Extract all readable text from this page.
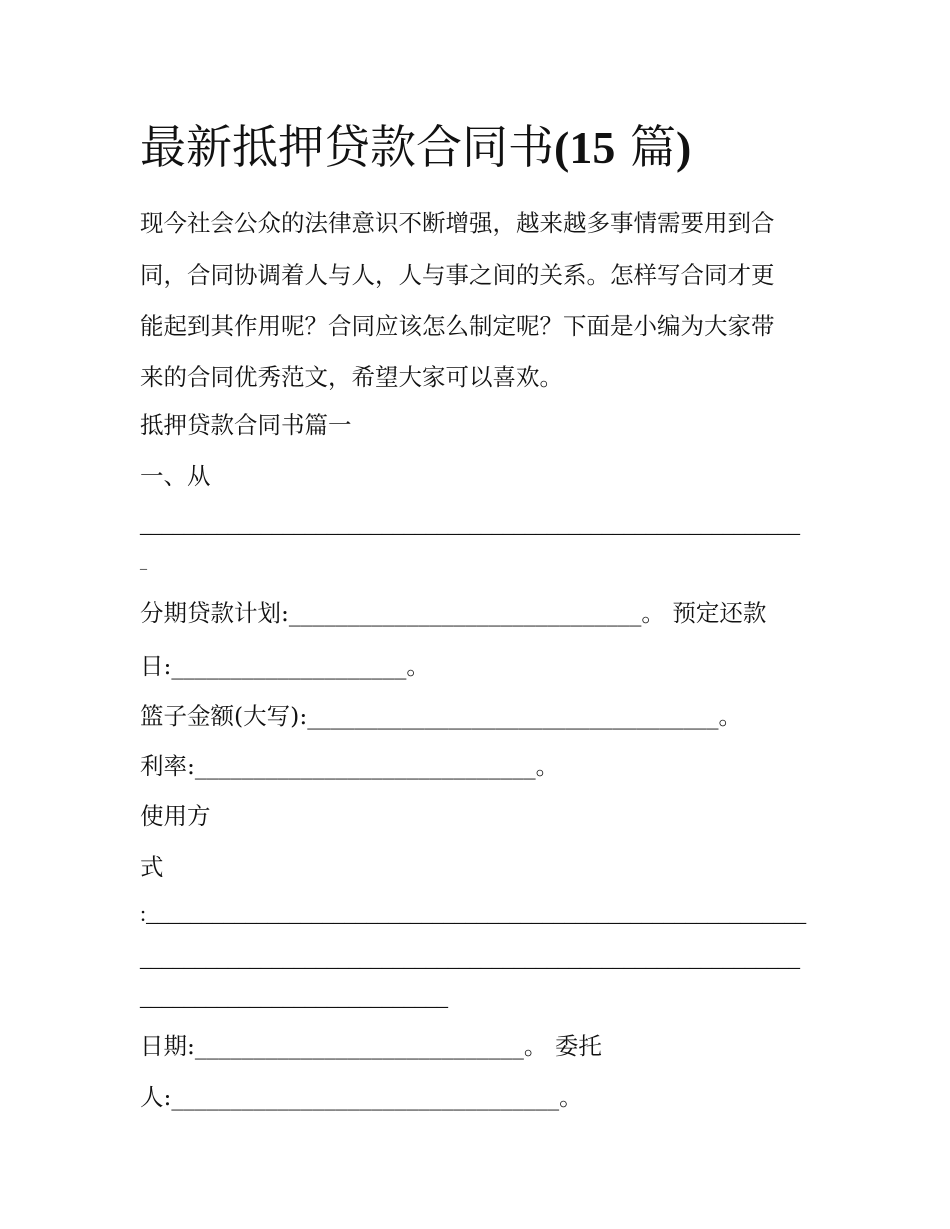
最新抵押贷款合同书(15 篇)

现今社会公众的法律意识不断增强，越来越多事情需要用到合

同，合同协调着人与人，人与事之间的关系。怎样写合同才更

能起到其作用呢？合同应该怎么制定呢？下面是小编为大家带

来的合同优秀范文，希望大家可以喜欢。

抵押贷款合同书篇一

一、从

____________________________________________________________

_

分期贷款计划:______________________________。 预定还款

日:____________________。

篮子金额(大写):___________________________________。

利率:_____________________________。

使用方

式

:____________________________________________________________

____________________________________________________________

____________________________

日期:____________________________。 委托

人:_________________________________。
